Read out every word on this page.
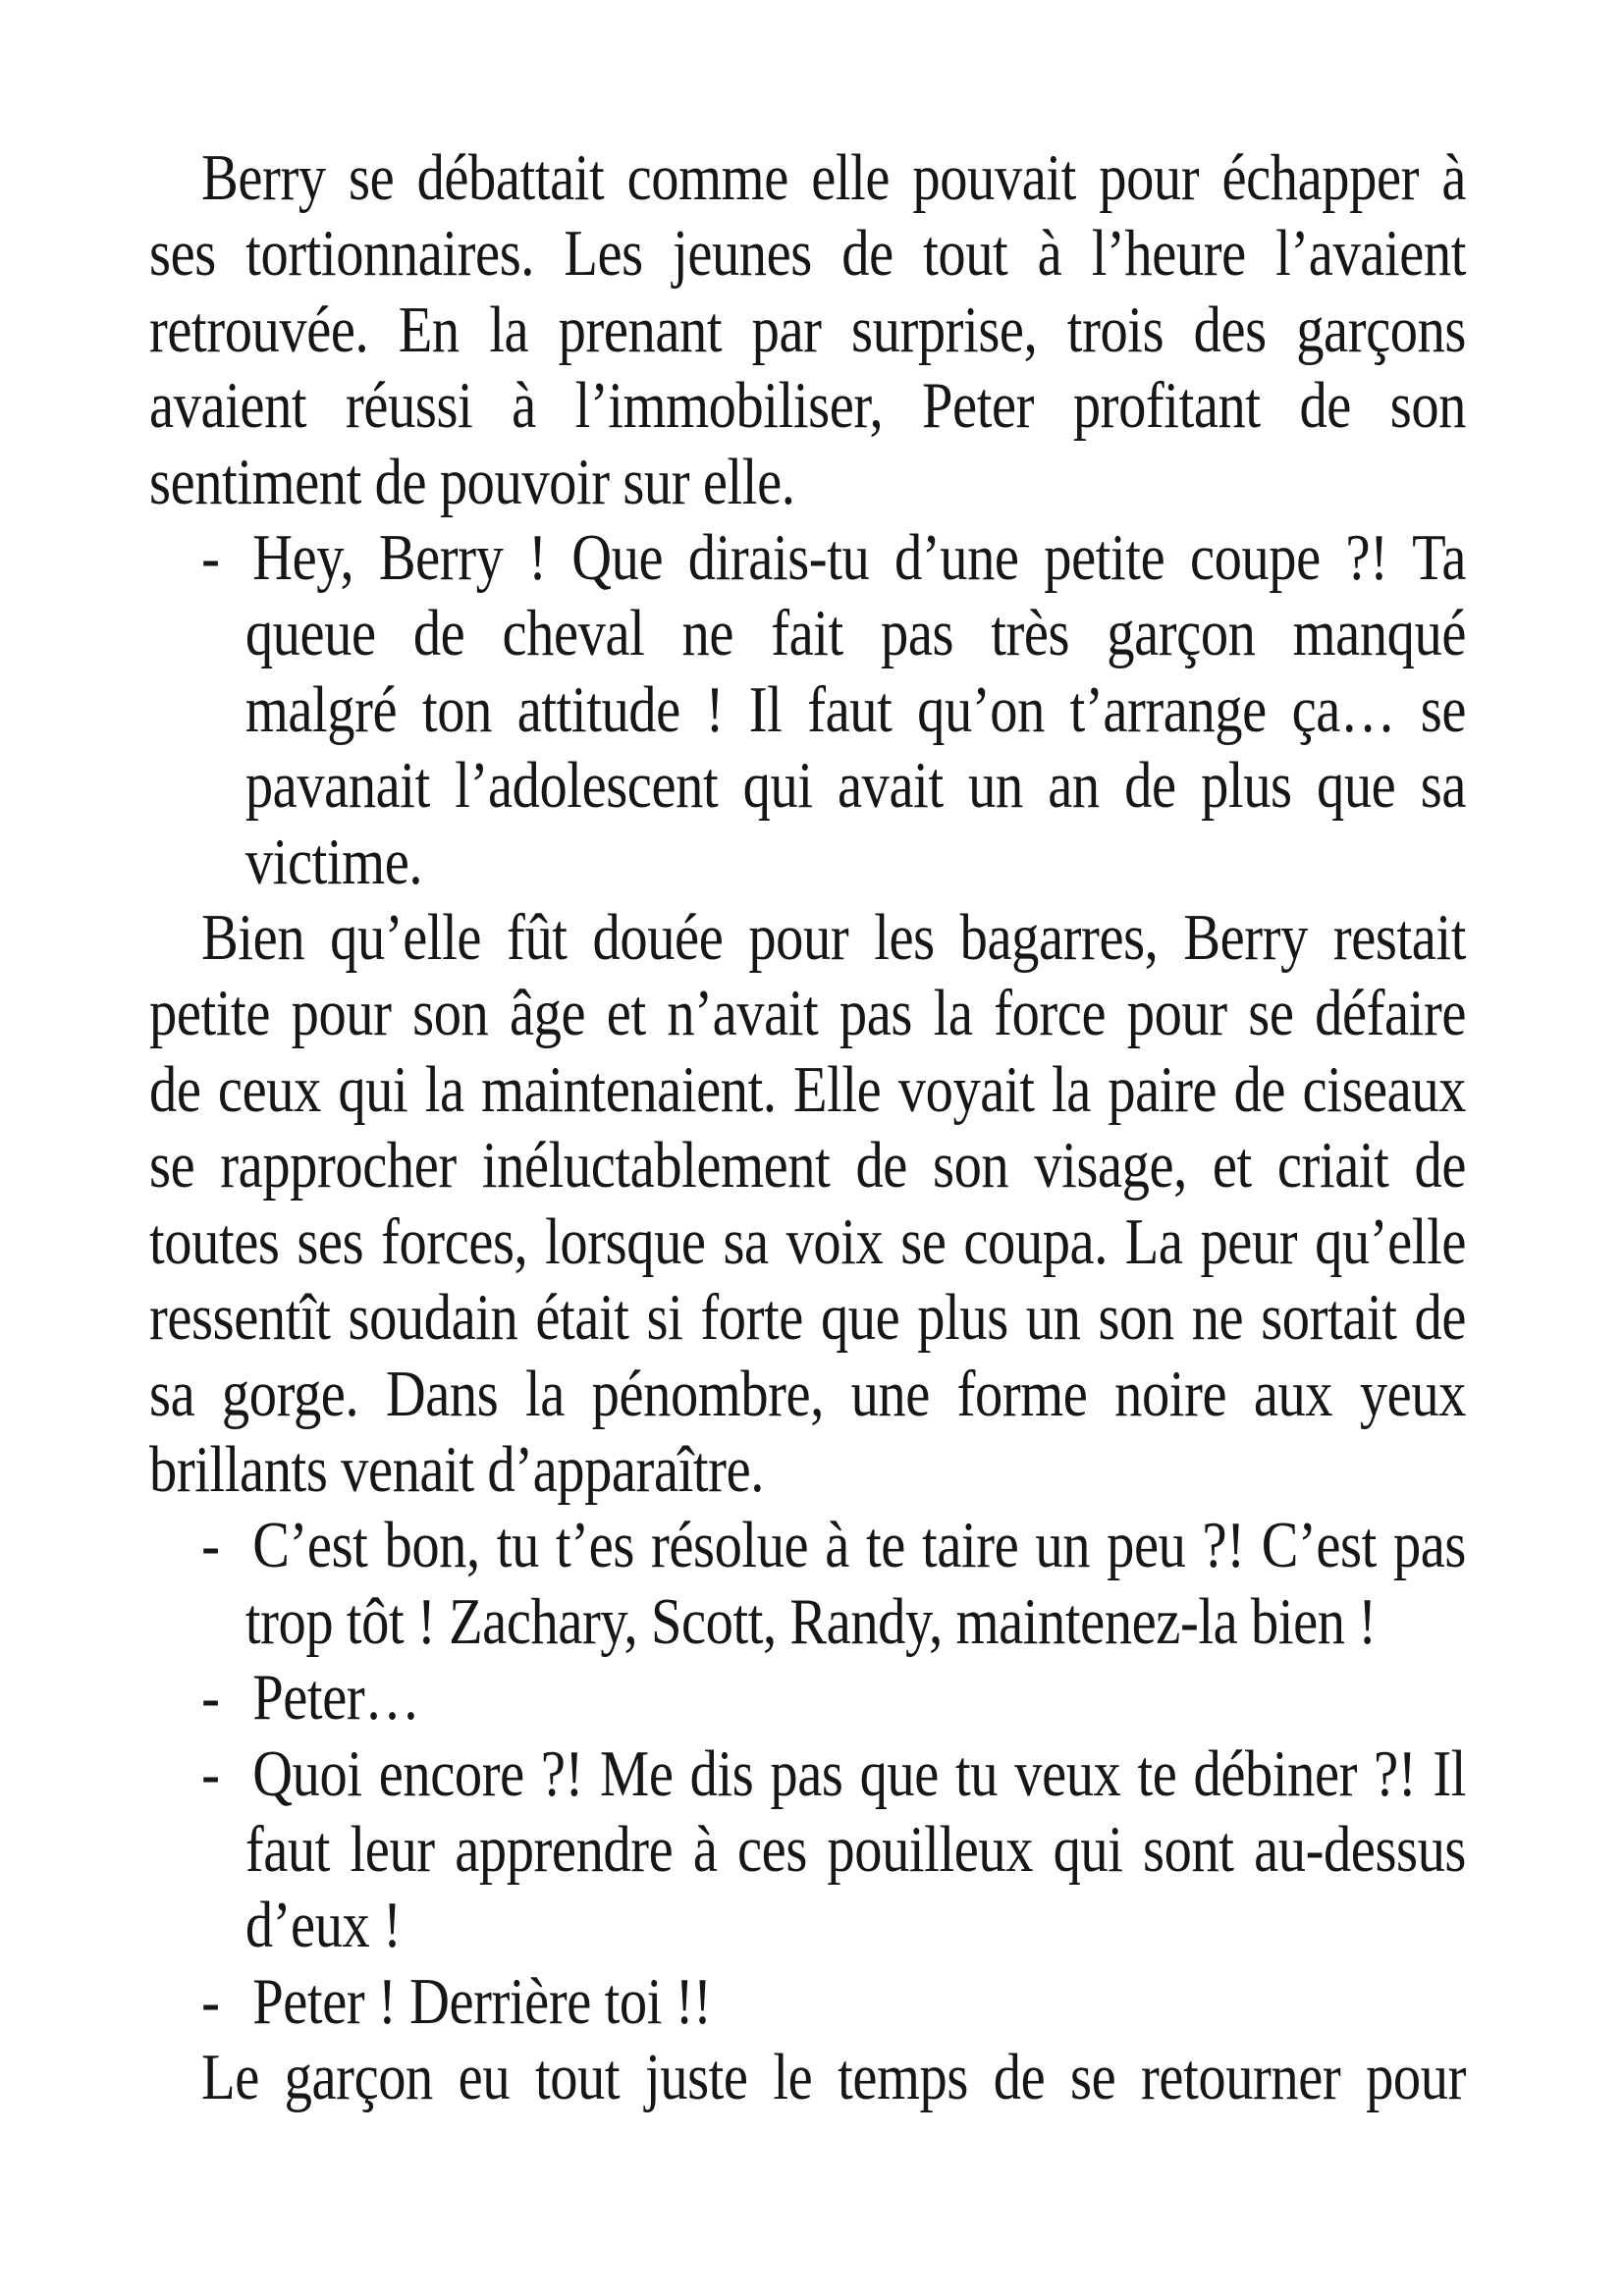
Berry se débattait comme elle pouvait pour échapper à
ses tortionnaires. Les jeunes de tout à l’heure l’avaient
retrouvée. En la prenant par surprise, trois des garçons
avaient réussi à l’immobiliser, Peter profitant de son
sentiment de pouvoir sur elle.
- Hey, Berry ! Que dirais-tu d’une petite coupe ?! Ta
queue de cheval ne fait pas très garçon manqué
malgré ton attitude ! Il faut qu’on t’arrange ça… se
pavanait l’adolescent qui avait un an de plus que sa
victime.
Bien qu’elle fût douée pour les bagarres, Berry restait
petite pour son âge et n’avait pas la force pour se défaire
de ceux qui la maintenaient. Elle voyait la paire de ciseaux
se rapprocher inéluctablement de son visage, et criait de
toutes ses forces, lorsque sa voix se coupa. La peur qu’elle
ressentît soudain était si forte que plus un son ne sortait de
sa gorge. Dans la pénombre, une forme noire aux yeux
brillants venait d’apparaître.
- C’est bon, tu t’es résolue à te taire un peu ?! C’est pas
trop tôt ! Zachary, Scott, Randy, maintenez-la bien !
- Peter…
- Quoi encore ?! Me dis pas que tu veux te débiner ?! Il
faut leur apprendre à ces pouilleux qui sont au-dessus
d’eux !
- Peter ! Derrière toi !!
Le garçon eu tout juste le temps de se retourner pour
